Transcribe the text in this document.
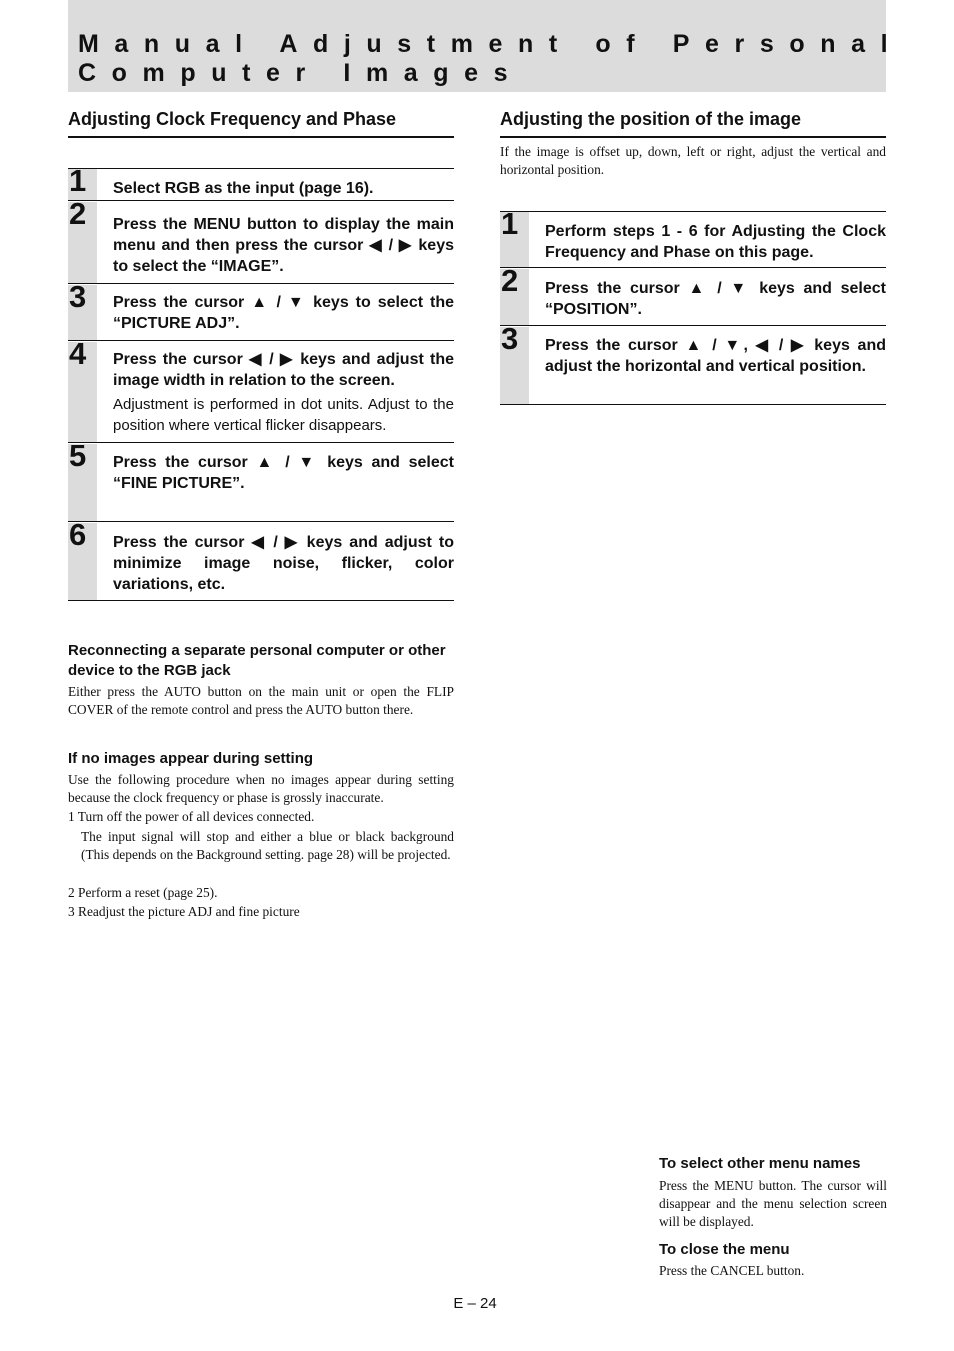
Manual Adjustment of Personal
Computer Images
Adjusting Clock Frequency and Phase
1 Select RGB as the input (page 16).
2 Press the MENU button to display the main menu and then press the cursor ◀ / ▶ keys to select the “IMAGE”.
3 Press the cursor ▲ / ▼ keys to select the “PICTURE ADJ”.
4 Press the cursor ◀ / ▶ keys and adjust the image width in relation to the screen.
Adjustment is performed in dot units. Adjust to the position where vertical flicker disappears.
5 Press the cursor ▲ / ▼ keys and select “FINE PICTURE”.
6 Press the cursor ◀ / ▶ keys and adjust to minimize image noise, flicker, color variations, etc.
Reconnecting a separate personal computer or other device to the RGB jack
Either press the AUTO button on the main unit or open the FLIP COVER of the remote control and press the AUTO button there.
If no images appear during setting
Use the following procedure when no images appear during setting because the clock frequency or phase is grossly inaccurate.
1 Turn off the power of all devices connected.
The input signal will stop and either a blue or black background (This depends on the Background setting. page 28) will be projected.
2 Perform a reset (page 25).
3 Readjust the picture ADJ and fine picture
Adjusting the position of the image
If the image is offset up, down, left or right, adjust the vertical and horizontal position.
1 Perform steps 1 - 6 for Adjusting the Clock Frequency and Phase on this page.
2 Press the cursor ▲ / ▼ keys and select “POSITION”.
3 Press the cursor ▲ / ▼, ◀ / ▶ keys and adjust the horizontal and vertical position.
To select other menu names
Press the MENU button. The cursor will disappear and the menu selection screen will be displayed.
To close the menu
Press the CANCEL button.
E – 24
